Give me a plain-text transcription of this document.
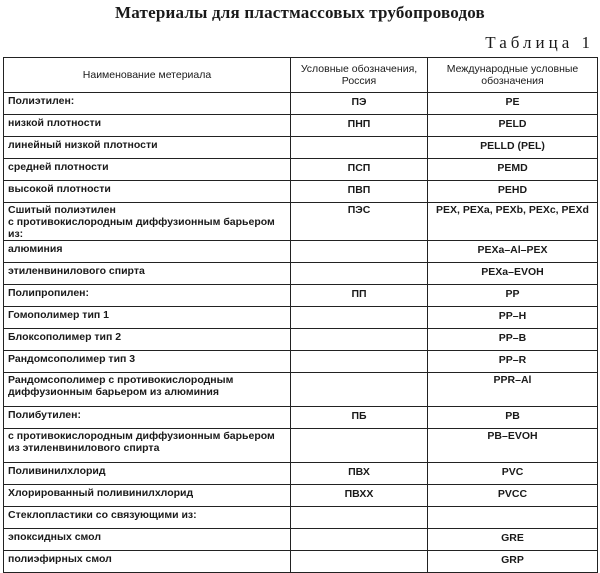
Материалы для пластмассовых трубопроводов
Таблица 1
Наименование метериала	Условные обозначения, Россия	Международные условные обозначения
Полиэтилен:	ПЭ	PE
низкой плотности	ПНП	PELD
линейный низкой плотности		PELLD (PEL)
средней плотности	ПСП	PEMD
высокой плотности	ПВП	PEHD
Сшитый полиэтилен
с противокислородным диффузионным барьером из:	ПЭС	PEX, PEXa, PEXb, PEXc, PEXd
алюминия		PEXa–Al–PEX
этиленвинилового спирта		PEXa–EVOH
Полипропилен:	ПП	PP
Гомополимер тип 1		PP–H
Блоксополимер тип 2		PP–B
Рандомсополимер тип 3		PP–R
Рандомсополимер с противокислородным
диффузионным барьером из алюминия		PPR–Al
Полибутилен:	ПБ	PB
с противокислородным диффузионным барьером
из этиленвинилового спирта		PB–EVOH
Поливинилхлорид	ПВХ	PVC
Хлорированный поливинилхлорид	ПВХХ	PVCC
Стеклопластики со связующими из:		
эпоксидных смол		GRE
полиэфирных смол		GRP
